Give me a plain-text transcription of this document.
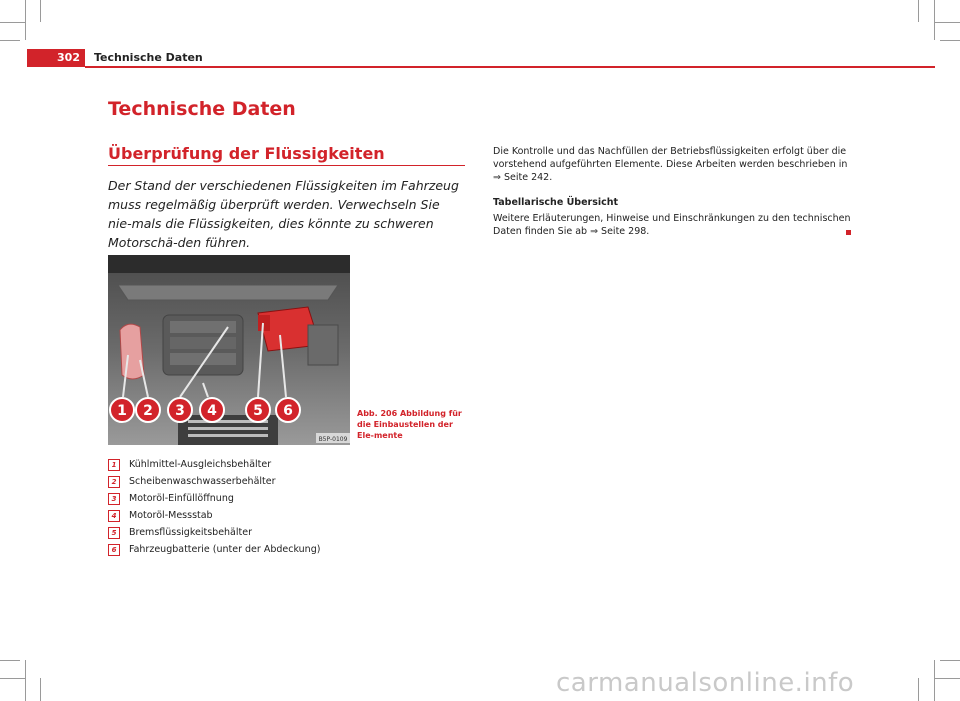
302	Technische Daten
Technische Daten
Überprüfung der Flüssigkeiten
Der Stand der verschiedenen Flüssigkeiten im Fahrzeug muss regelmäßig überprüft werden. Verwechseln Sie nie-mals die Flüssigkeiten, dies könnte zu schweren Motorschä-den führen.
1 2 3 4	5 6
B5P-0109
Abb. 206 Abbildung für die Einbaustellen der Ele-mente
1	Kühlmittel-Ausgleichsbehälter
2	Scheibenwaschwasserbehälter
3	Motoröl-Einfüllöffnung
4	Motoröl-Messstab
5	Bremsflüssigkeitsbehälter
6	Fahrzeugbatterie (unter der Abdeckung)
Die Kontrolle und das Nachfüllen der Betriebsflüssigkeiten erfolgt über die vorstehend aufgeführten Elemente. Diese Arbeiten werden beschrieben in ⇒ Seite 242.
Tabellarische Übersicht
Weitere Erläuterungen, Hinweise und Einschränkungen zu den technischen Daten finden Sie ab ⇒ Seite 298.
carmanualsonline.info
